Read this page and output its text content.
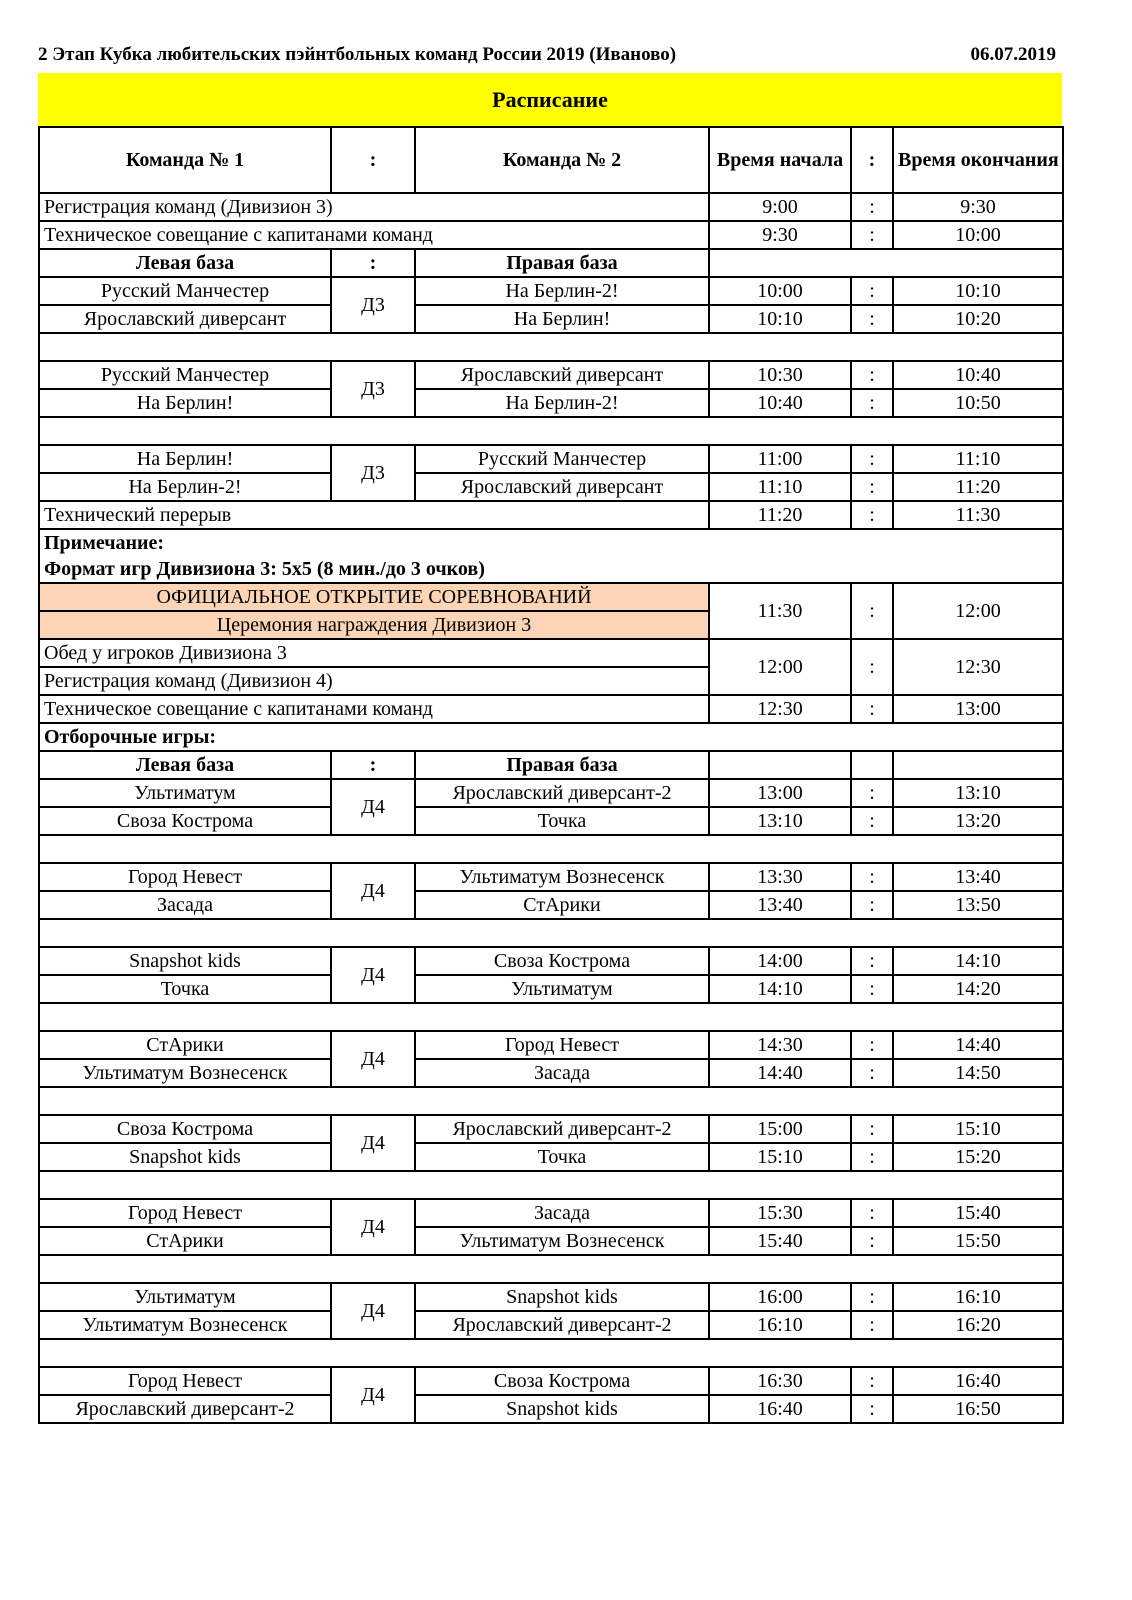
2 Этап Кубка любительских пэйнтбольных команд России 2019 (Иваново)	06.07.2019
Расписание
Команда № 1	:	Команда № 2	Время начала	:	Время окончания
Регистрация команд (Дивизион 3)			9:00	:	9:30
Техническое совещание с капитанами команд			9:30	:	10:00
Левая база	:	Правая база			
Русский Манчестер	Д3	На Берлин-2!	10:00	:	10:10
Ярославский диверсант		На Берлин!	10:10	:	10:20

Русский Манчестер	Д3	Ярославский диверсант	10:30	:	10:40
На Берлин!		На Берлин-2!	10:40	:	10:50

На Берлин!	Д3	Русский Манчестер	11:00	:	11:10
На Берлин-2!		Ярославский диверсант	11:10	:	11:20
Технический перерыв			11:20	:	11:30
Примечание:					
Формат игр Дивизиона 3: 5х5 (8 мин./до 3 очков)					
ОФИЦИАЛЬНОЕ ОТКРЫТИЕ СОРЕВНОВАНИЙ			11:30	:	12:00
Церемония награждения Дивизион 3					
Обед у игроков Дивизиона 3			12:00	:	12:30
Регистрация команд (Дивизион 4)					
Техническое совещание с капитанами команд			12:30	:	13:00
Отборочные игры:					
Левая база	:	Правая база			
Ультиматум	Д4	Ярославский диверсант-2	13:00	:	13:10
Своза Кострома		Точка	13:10	:	13:20

Город Невест	Д4	Ультиматум Вознесенск	13:30	:	13:40
Засада		СтАрики	13:40	:	13:50

Snapshot kids	Д4	Своза Кострома	14:00	:	14:10
Точка		Ультиматум	14:10	:	14:20

СтАрики	Д4	Город Невест	14:30	:	14:40
Ультиматум Вознесенск		Засада	14:40	:	14:50

Своза Кострома	Д4	Ярославский диверсант-2	15:00	:	15:10
Snapshot kids		Точка	15:10	:	15:20

Город Невест	Д4	Засада	15:30	:	15:40
СтАрики		Ультиматум Вознесенск	15:40	:	15:50

Ультиматум	Д4	Snapshot kids	16:00	:	16:10
Ультиматум Вознесенск		Ярославский диверсант-2	16:10	:	16:20

Город Невест	Д4	Своза Кострома	16:30	:	16:40
Ярославский диверсант-2		Snapshot kids	16:40	:	16:50
